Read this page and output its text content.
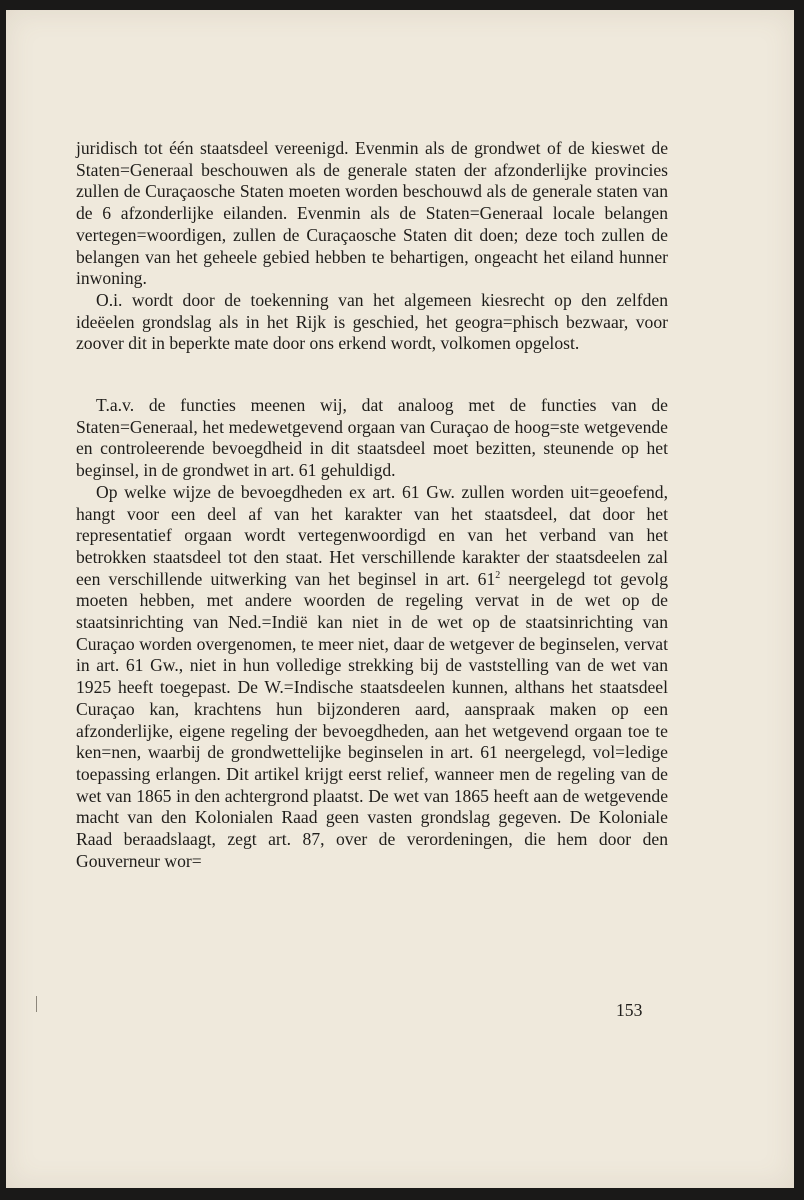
juridisch tot één staatsdeel vereenigd. Evenmin als de grondwet of de kieswet de Staten=Generaal beschouwen als de generale staten der afzonderlijke provincies zullen de Curaçaosche Staten moeten worden beschouwd als de generale staten van de 6 afzonderlijke eilanden. Evenmin als de Staten=Generaal locale belangen vertegen=woordigen, zullen de Curaçaosche Staten dit doen; deze toch zullen de belangen van het geheele gebied hebben te behartigen, ongeacht het eiland hunner inwoning.

O.i. wordt door de toekenning van het algemeen kiesrecht op den zelfden ideëelen grondslag als in het Rijk is geschied, het geogra=phisch bezwaar, voor zoover dit in beperkte mate door ons erkend wordt, volkomen opgelost.

T.a.v. de functies meenen wij, dat analoog met de functies van de Staten=Generaal, het medewetgevend orgaan van Curaçao de hoog=ste wetgevende en controleerende bevoegdheid in dit staatsdeel moet bezitten, steunende op het beginsel, in de grondwet in art. 61 gehuldigd.

Op welke wijze de bevoegdheden ex art. 61 Gw. zullen worden uit=geoefend, hangt voor een deel af van het karakter van het staatsdeel, dat door het representatief orgaan wordt vertegenwoordigd en van het verband van het betrokken staatsdeel tot den staat. Het verschillende karakter der staatsdeelen zal een verschillende uitwerking van het beginsel in art. $61^2$ neergelegd tot gevolg moeten hebben, met andere woorden de regeling vervat in de wet op de staatsinrichting van Ned.=Indië kan niet in de wet op de staatsinrichting van Curaçao worden overgenomen, te meer niet, daar de wetgever de beginselen, vervat in art. 61 Gw., niet in hun volledige strekking bij de vaststelling van de wet van 1925 heeft toegepast. De W.=Indische staatsdeelen kunnen, althans het staatsdeel Curaçao kan, krachtens hun bijzonderen aard, aanspraak maken op een afzonderlijke, eigene regeling der bevoegdheden, aan het wetgevend orgaan toe te ken=nen, waarbij de grondwettelijke beginselen in art. 61 neergelegd, vol=ledige toepassing erlangen. Dit artikel krijgt eerst relief, wanneer men de regeling van de wet van 1865 in den achtergrond plaatst. De wet van 1865 heeft aan de wetgevende macht van den Kolonialen Raad geen vasten grondslag gegeven. De Koloniale Raad beraadslaagt, zegt art. 87, over de verordeningen, die hem door den Gouverneur wor=

153
